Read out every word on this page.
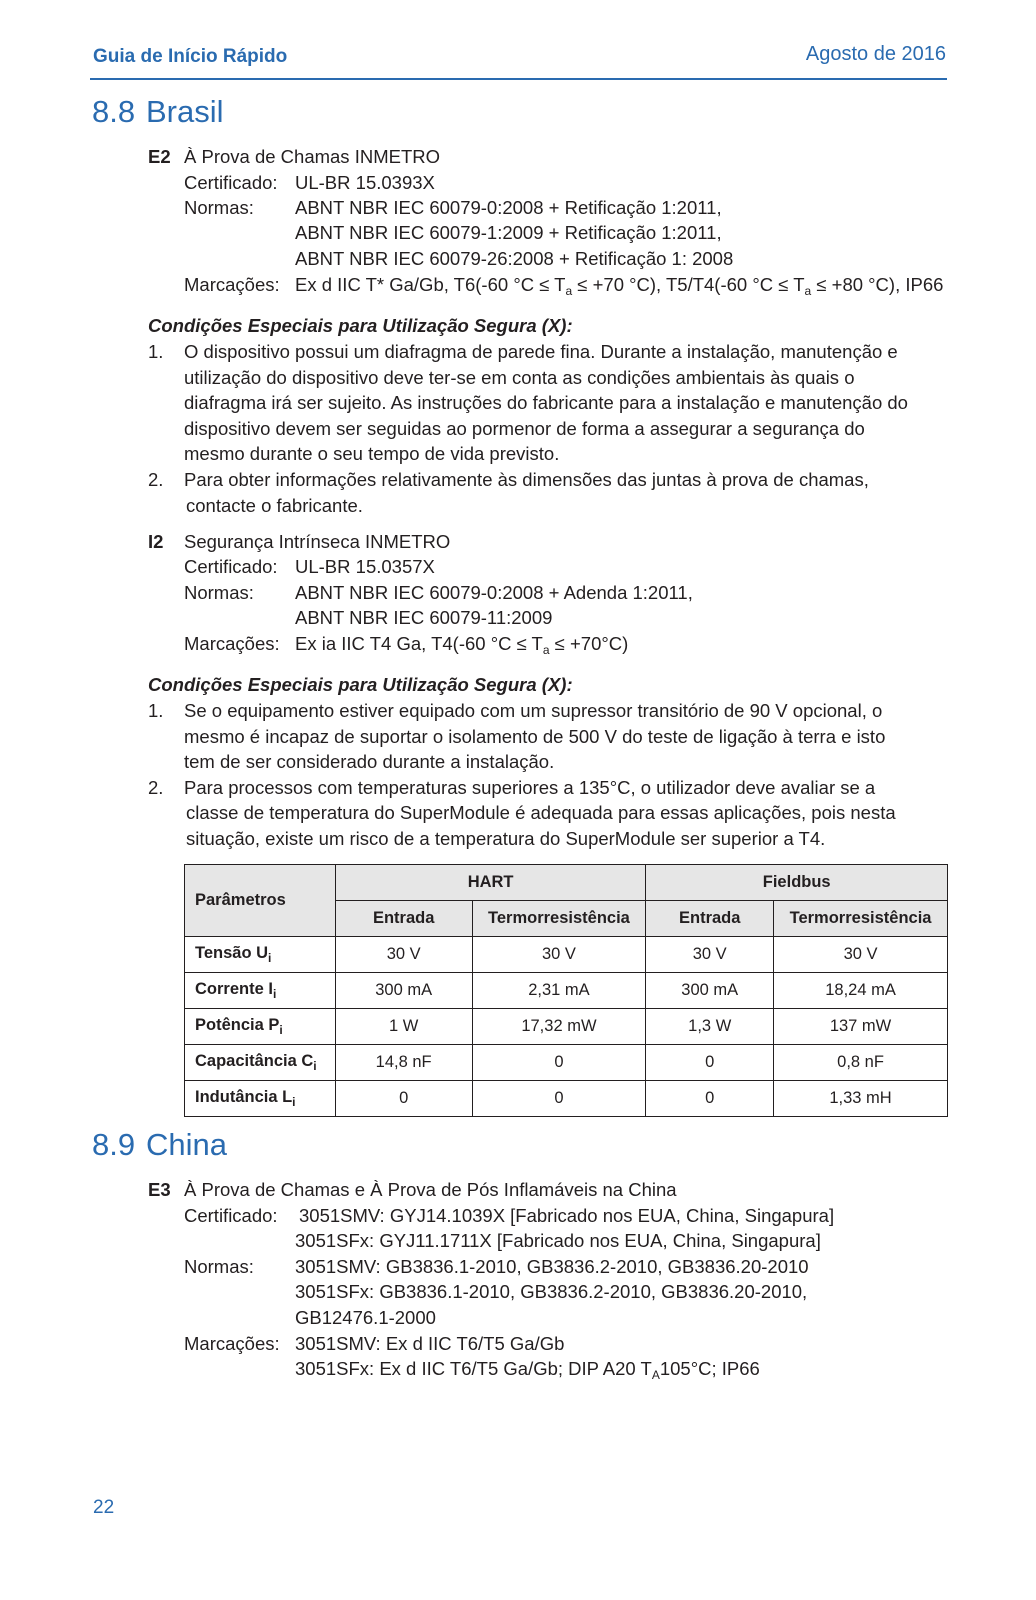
Guia de Início Rápido	Agosto de 2016
8.8 Brasil
E2 À Prova de Chamas INMETRO
Certificado: UL-BR 15.0393X
Normas: ABNT NBR IEC 60079-0:2008 + Retificação 1:2011,
ABNT NBR IEC 60079-1:2009 + Retificação 1:2011,
ABNT NBR IEC 60079-26:2008 + Retificação 1: 2008
Marcações: Ex d IIC T* Ga/Gb, T6(-60 $^\circ C \le T_a \le +70$ °C), T5/T4(-60 $^\circ C \le T_a \le +80$ °C), IP66
Condições Especiais para Utilização Segura (X):
1. O dispositivo possui um diafragma de parede fina. Durante a instalação, manutenção e
utilização do dispositivo deve ter-se em conta as condições ambientais às quais o
diafragma irá ser sujeito. As instruções do fabricante para a instalação e manutenção do
dispositivo devem ser seguidas ao pormenor de forma a assegurar a segurança do
mesmo durante o seu tempo de vida previsto.
2. Para obter informações relativamente às dimensões das juntas à prova de chamas,
contacte o fabricante.
I2 Segurança Intrínseca INMETRO
Certificado: UL-BR 15.0357X
Normas: ABNT NBR IEC 60079-0:2008 + Adenda 1:2011,
ABNT NBR IEC 60079-11:2009
Marcações: Ex ia IIC T4 Ga, T4(-60 $^\circ C \le T_a \le +70^\circ C$)
Condições Especiais para Utilização Segura (X):
1. Se o equipamento estiver equipado com um supressor transitório de 90 V opcional, o
mesmo é incapaz de suportar o isolamento de 500 V do teste de ligação à terra e isto
tem de ser considerado durante a instalação.
2. Para processos com temperaturas superiores a 135°C, o utilizador deve avaliar se a
classe de temperatura do SuperModule é adequada para essas aplicações, pois nesta
situação, existe um risco de a temperatura do SuperModule ser superior a T4.
Parâmetros	HART		Fieldbus	
	Entrada	Termorresistência	Entrada	Termorresistência
Tensão $U_i$	30 V	30 V	30 V	30 V
Corrente $I_i$	300 mA	2,31 mA	300 mA	18,24 mA
Potência $P_i$	1 W	17,32 mW	1,3 W	137 mW
Capacitância $C_i$	14,8 nF	0	0	0,8 nF
Indutância $L_i$	0	0	0	1,33 mH
8.9 China
E3 À Prova de Chamas e À Prova de Pós Inflamáveis na China
Certificado: 3051SMV: GYJ14.1039X [Fabricado nos EUA, China, Singapura]
3051SFx: GYJ11.1711X [Fabricado nos EUA, China, Singapura]
Normas: 3051SMV: GB3836.1-2010, GB3836.2-2010, GB3836.20-2010
3051SFx: GB3836.1-2010, GB3836.2-2010, GB3836.20-2010,
GB12476.1-2000
Marcações: 3051SMV: Ex d IIC T6/T5 Ga/Gb
3051SFx: Ex d IIC T6/T5 Ga/Gb; DIP A20 $T_A105^\circ C$; IP66
22
